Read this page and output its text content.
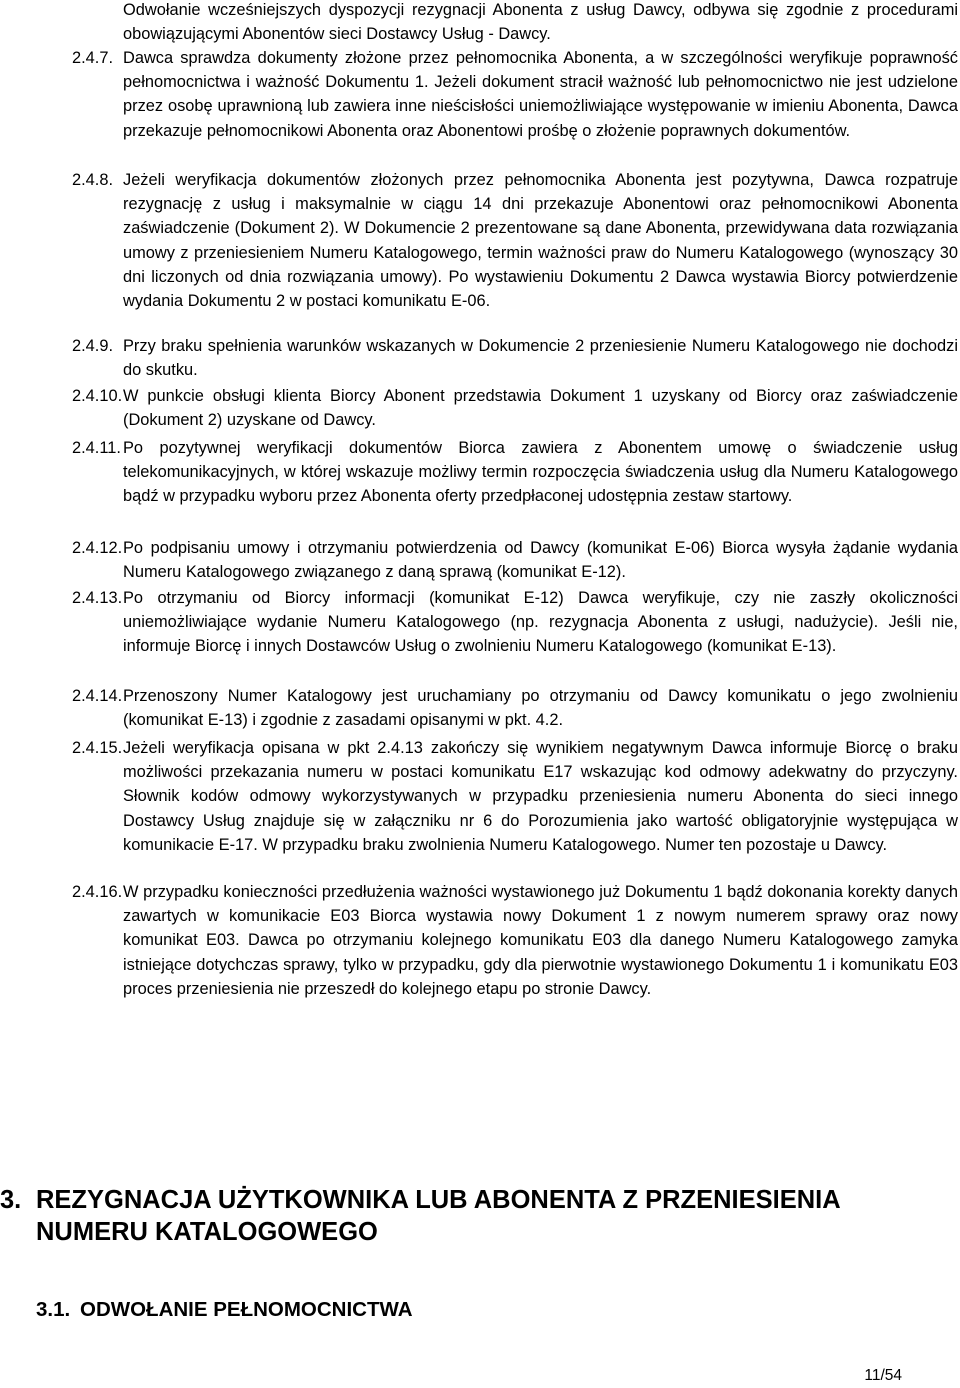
Odwołanie wcześniejszych dyspozycji rezygnacji Abonenta z usług Dawcy, odbywa się zgodnie z procedurami obowiązującymi Abonentów sieci Dostawcy Usług - Dawcy.
2.4.7. Dawca sprawdza dokumenty złożone przez pełnomocnika Abonenta, a w szczególności weryfikuje poprawność pełnomocnictwa i ważność Dokumentu 1. Jeżeli dokument stracił ważność lub pełnomocnictwo nie jest udzielone przez osobę uprawnioną lub zawiera inne nieścisłości uniemożliwiające występowanie w imieniu Abonenta, Dawca przekazuje pełnomocnikowi Abonenta oraz Abonentowi prośbę o złożenie poprawnych dokumentów.
2.4.8. Jeżeli weryfikacja dokumentów złożonych przez pełnomocnika Abonenta jest pozytywna, Dawca rozpatruje rezygnację z usług i maksymalnie w ciągu 14 dni przekazuje Abonentowi oraz pełnomocnikowi Abonenta zaświadczenie (Dokument 2). W Dokumencie 2 prezentowane są dane Abonenta, przewidywana data rozwiązania umowy z przeniesieniem Numeru Katalogowego, termin ważności praw do Numeru Katalogowego (wynoszący 30 dni liczonych od dnia rozwiązania umowy). Po wystawieniu Dokumentu 2 Dawca wystawia Biorcy potwierdzenie wydania Dokumentu 2 w postaci komunikatu E-06.
2.4.9. Przy braku spełnienia warunków wskazanych w Dokumencie 2 przeniesienie Numeru Katalogowego nie dochodzi do skutku.
2.4.10. W punkcie obsługi klienta Biorcy Abonent przedstawia Dokument 1 uzyskany od Biorcy oraz zaświadczenie (Dokument 2) uzyskane od Dawcy.
2.4.11. Po pozytywnej weryfikacji dokumentów Biorca zawiera z Abonentem umowę o świadczenie usług telekomunikacyjnych, w której wskazuje możliwy termin rozpoczęcia świadczenia usług dla Numeru Katalogowego bądź w przypadku wyboru przez Abonenta oferty przedpłaconej udostępnia zestaw startowy.
2.4.12. Po podpisaniu umowy i otrzymaniu potwierdzenia od Dawcy (komunikat E-06) Biorca wysyła żądanie wydania Numeru Katalogowego związanego z daną sprawą (komunikat E-12).
2.4.13. Po otrzymaniu od Biorcy informacji (komunikat E-12) Dawca weryfikuje, czy nie zaszły okoliczności uniemożliwiające wydanie Numeru Katalogowego (np. rezygnacja Abonenta z usługi, nadużycie). Jeśli nie, informuje Biorcę i innych Dostawców Usług o zwolnieniu Numeru Katalogowego (komunikat E-13).
2.4.14. Przenoszony Numer Katalogowy jest uruchamiany po otrzymaniu od Dawcy komunikatu o jego zwolnieniu (komunikat E-13) i zgodnie z zasadami opisanymi w pkt. 4.2.
2.4.15. Jeżeli weryfikacja opisana w pkt 2.4.13 zakończy się wynikiem negatywnym Dawca informuje Biorcę o braku możliwości przekazania numeru w postaci komunikatu E17 wskazując kod odmowy adekwatny do przyczyny. Słownik kodów odmowy wykorzystywanych w przypadku przeniesienia numeru Abonenta do sieci innego Dostawcy Usług znajduje się w załączniku nr 6 do Porozumienia jako wartość obligatoryjnie występująca w komunikacie E-17. W przypadku braku zwolnienia Numeru Katalogowego. Numer ten pozostaje u Dawcy.
2.4.16. W przypadku konieczności przedłużenia ważności wystawionego już Dokumentu 1 bądź dokonania korekty danych zawartych w komunikacie E03 Biorca wystawia nowy Dokument 1 z nowym numerem sprawy oraz nowy komunikat E03. Dawca po otrzymaniu kolejnego komunikatu E03 dla danego Numeru Katalogowego zamyka istniejące dotychczas sprawy, tylko w przypadku, gdy dla pierwotnie wystawionego Dokumentu 1 i komunikatu E03 proces przeniesienia nie przeszedł do kolejnego etapu po stronie Dawcy.
3. REZYGNACJA UŻYTKOWNIKA LUB ABONENTA Z PRZENIESIENIA
NUMERU KATALOGOWEGO
3.1. ODWOŁANIE PEŁNOMOCNICTWA
11/54
